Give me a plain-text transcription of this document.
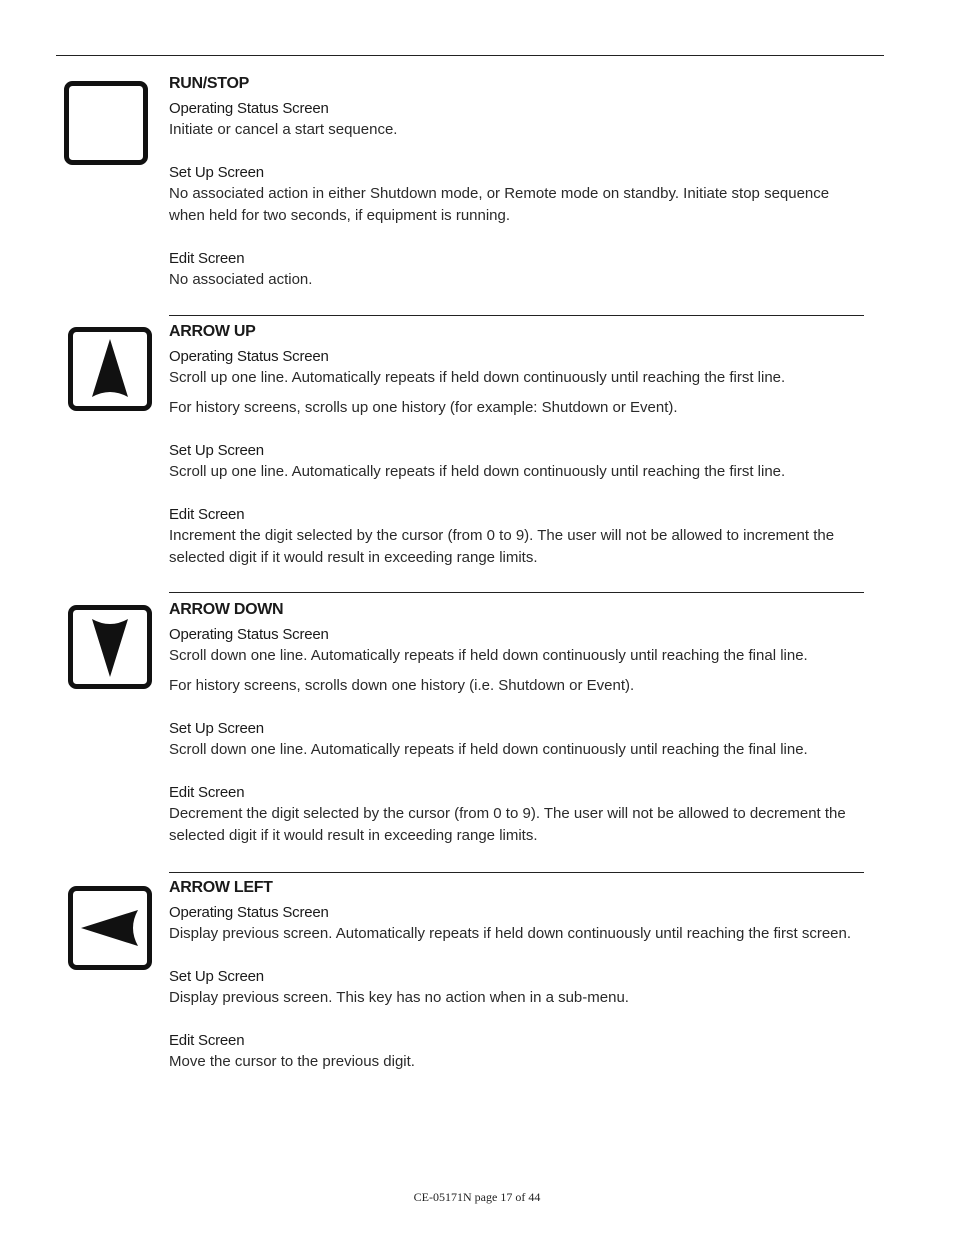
RUN/STOP
Operating Status Screen
Initiate or cancel a start sequence.
Set Up Screen
No associated action in either Shutdown mode, or Remote mode on standby. Initiate stop sequence when held for two seconds, if equipment is running.
Edit Screen
No associated action.
ARROW UP
Operating Status Screen
Scroll up one line. Automatically repeats if held down continuously until reaching the first line.
For history screens, scrolls up one history (for example: Shutdown or Event).
Set Up Screen
Scroll up one line. Automatically repeats if held down continuously until reaching the first line.
Edit Screen
Increment the digit selected by the cursor (from 0 to 9). The user will not be allowed to increment the selected digit if it would result in exceeding range limits.
ARROW DOWN
Operating Status Screen
Scroll down one line. Automatically repeats if held down continuously until reaching the final line.
For history screens, scrolls down one history (i.e. Shutdown or Event).
Set Up Screen
Scroll down one line. Automatically repeats if held down continuously until reaching the final line.
Edit Screen
Decrement the digit selected by the cursor (from 0 to 9). The user will not be allowed to decrement the selected digit if it would result in exceeding range limits.
ARROW LEFT
Operating Status Screen
Display previous screen. Automatically repeats if held down continuously until reaching the first screen.
Set Up Screen
Display previous screen. This key has no action when in a sub-menu.
Edit Screen
Move the cursor to the previous digit.
CE-05171N page 17 of 44
